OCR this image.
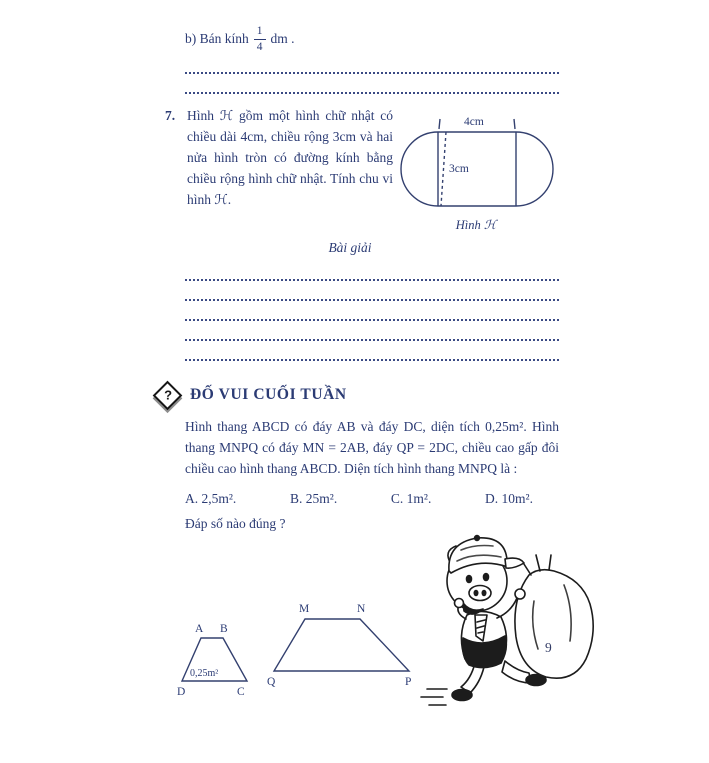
b) Bán kính $\frac{1}{4}$ dm .
7. Hình ℋ gồm một hình chữ nhật có chiều dài 4cm, chiều rộng 3cm và hai nửa hình tròn có đường kính bằng chiều rộng hình chữ nhật. Tính chu vi hình ℋ.

4cm
3cm
Hình ℋ
Bài giải
? ĐỐ VUI CUỐI TUẦN

Hình thang ABCD có đáy AB và đáy DC, diện tích 0,25m². Hình thang MNPQ có đáy MN = 2AB, đáy QP = 2DC, chiều cao gấp đôi chiều cao hình thang ABCD. Diện tích hình thang MNPQ là :

A. 2,5m².	B. 25m².	C. 1m².	D. 10m².

Đáp số nào đúng ?

A B
D	C
0,25m²
M	N
Q	P
9
